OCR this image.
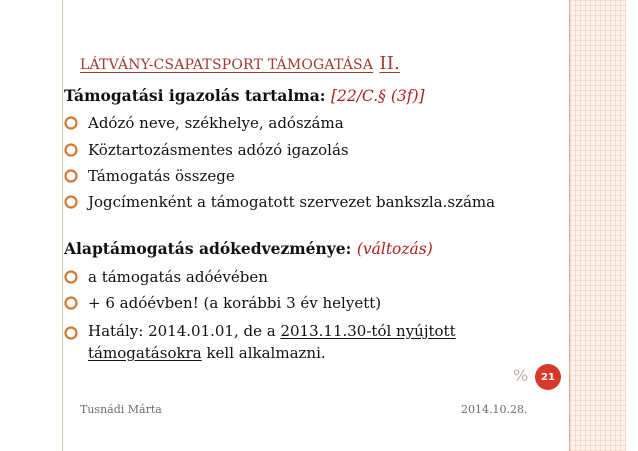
LÁTVÁNY-CSAPATSPORT TÁMOGATÁSA II.
Támogatási igazolás tartalma: [22/C.§ (3f)]
Adózó neve, székhelye, adószáma
Köztartozásmentes adózó igazolás
Támogatás összege
Jogcímenként a támogatott szervezet bankszla.száma
Alaptámogatás adókedvezménye: (változás)
a támogatás adóévében
+ 6 adóévben! (a korábbi 3 év helyett)
Hatály: 2014.01.01, de a 2013.11.30-tól nyújtott
támogatásokra kell alkalmazni.
%	21
Tusnádi Márta	2014.10.28.
